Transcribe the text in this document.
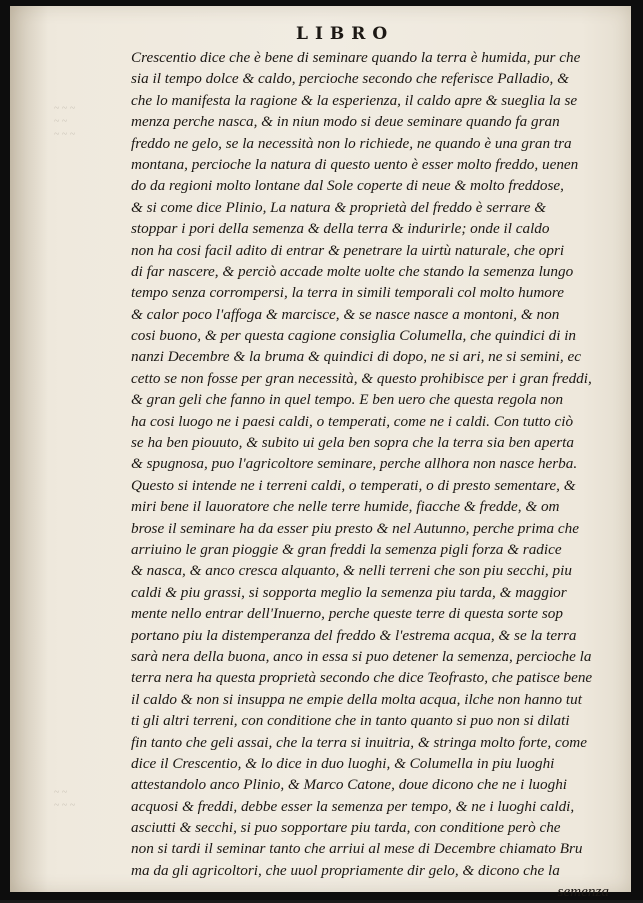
~ ~ ~
~ ~
~ ~ ~
~ ~
~ ~ ~
LIBRO
Crescentio dice che è bene di seminare quando la terra è humida, pur che
sia il tempo dolce & caldo, percioche secondo che referisce Palladio, &
che lo manifesta la ragione & la esperienza, il caldo apre & sueglia la se
menza perche nasca, & in niun modo si deue seminare quando fa gran
freddo ne gelo, se la necessità non lo richiede, ne quando è una gran tra
montana, percioche la natura di questo uento è esser molto freddo, uenen
do da regioni molto lontane dal Sole coperte di neue & molto freddose,
& si come dice Plinio, La natura & proprietà del freddo è serrare &
stoppar i pori della semenza & della terra & indurirle; onde il caldo
non ha cosi facil adito di entrar & penetrare la uirtù naturale, che opri
di far nascere, & perciò accade molte uolte che stando la semenza lungo
tempo senza corrompersi, la terra in simili temporali col molto humore
& calor poco l'affoga & marcisce, & se nasce nasce a montoni, & non
cosi buono, & per questa cagione consiglia Columella, che quindici di in
nanzi Decembre & la bruma & quindici di dopo, ne si ari, ne si semini, ec
cetto se non fosse per gran necessità, & questo prohibisce per i gran freddi,
& gran geli che fanno in quel tempo. E ben uero che questa regola non
ha cosi luogo ne i paesi caldi, o temperati, come ne i caldi. Con tutto ciò
se ha ben piouuto, & subito ui gela ben sopra che la terra sia ben aperta
& spugnosa, puo l'agricoltore seminare, perche allhora non nasce herba.
Questo si intende ne i terreni caldi, o temperati, o di presto sementare, &
miri bene il lauoratore che nelle terre humide, fiacche & fredde, & om
brose il seminare ha da esser piu presto & nel Autunno, perche prima che
arriuino le gran pioggie & gran freddi la semenza pigli forza & radice
& nasca, & anco cresca alquanto, & nelli terreni che son piu secchi, piu
caldi & piu grassi, si sopporta meglio la semenza piu tarda, & maggior
mente nello entrar dell'Inuerno, perche queste terre di questa sorte sop
portano piu la distemperanza del freddo & l'estrema acqua, & se la terra
sarà nera della buona, anco in essa si puo detener la semenza, percioche la
terra nera ha questa proprietà secondo che dice Teofrasto, che patisce bene
il caldo & non si insuppa ne empie della molta acqua, ilche non hanno tut
ti gli altri terreni, con conditione che in tanto quanto si puo non si dilati
fin tanto che geli assai, che la terra si inuitria, & stringa molto forte, come
dice il Crescentio, & lo dice in duo luoghi, & Columella in piu luoghi
attestandolo anco Plinio, & Marco Catone, doue dicono che ne i luoghi
acquosi & freddi, debbe esser la semenza per tempo, & ne i luoghi caldi,
asciutti & secchi, si puo sopportare piu tarda, con conditione però che
non si tardi il seminar tanto che arriui al mese di Decembre chiamato Bru
ma da gli agricoltori, che uuol propriamente dir gelo, & dicono che la
semenza
